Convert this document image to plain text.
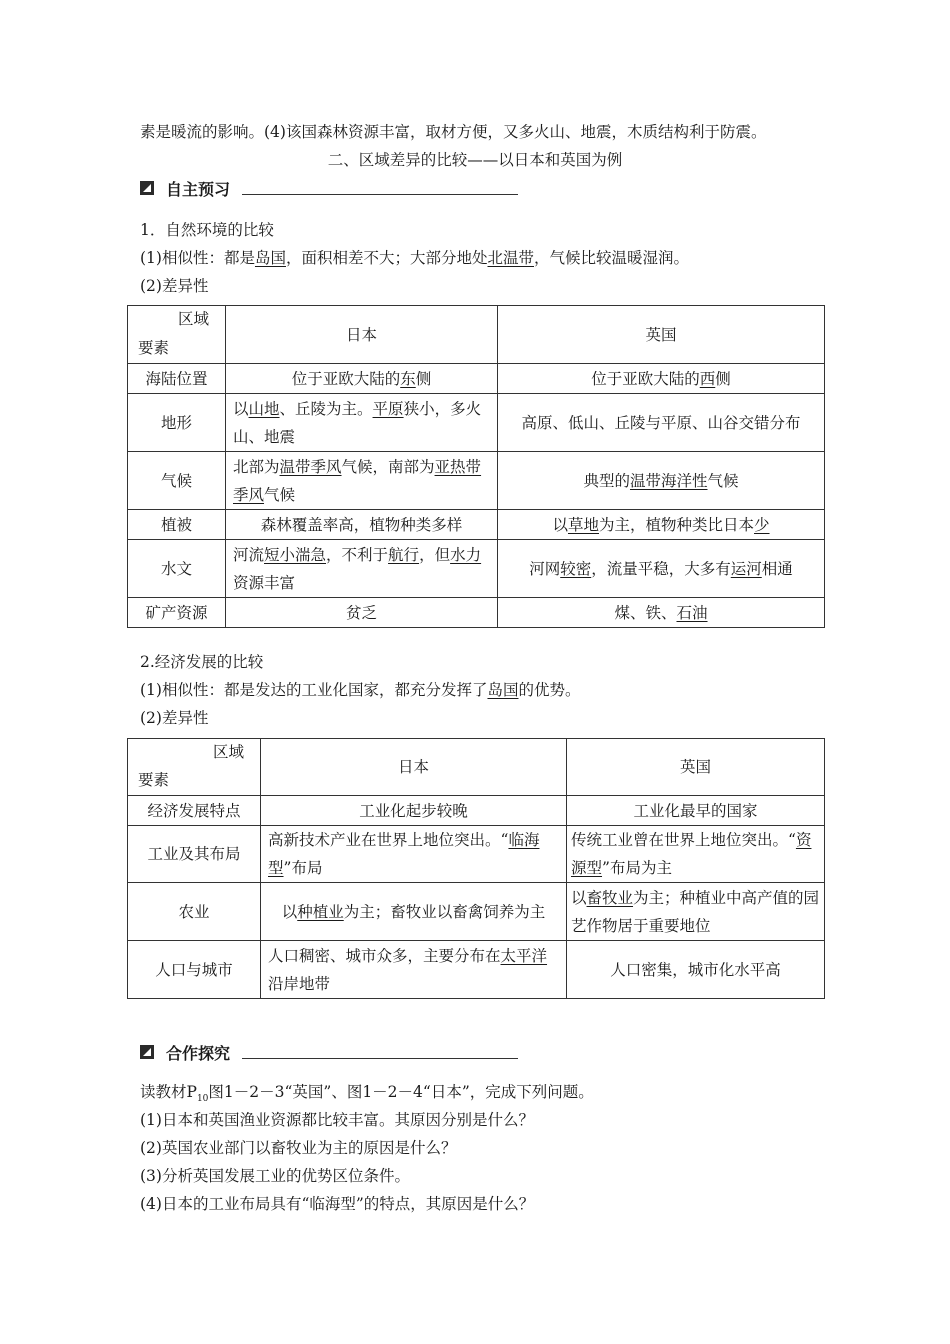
素是暖流的影响。(4)该国森林资源丰富，取材方便，又多火山、地震，木质结构利于防震。
二、区域差异的比较——以日本和英国为例
自主预习
1．自然环境的比较
(1)相似性：都是岛国，面积相差不大；大部分地处北温带，气候比较温暖湿润。
(2)差异性
区域
要素	日本	英国
海陆位置	位于亚欧大陆的东侧	位于亚欧大陆的西侧
地形	以山地、丘陵为主。平原狭小，多火山、地震	高原、低山、丘陵与平原、山谷交错分布
气候	北部为温带季风气候，南部为亚热带季风气候	典型的温带海洋性气候
植被	森林覆盖率高，植物种类多样	以草地为主，植物种类比日本少
水文	河流短小湍急，不利于航行，但水力资源丰富	河网较密，流量平稳，大多有运河相通
矿产资源	贫乏	煤、铁、石油
2.经济发展的比较
(1)相似性：都是发达的工业化国家，都充分发挥了岛国的优势。
(2)差异性
区域
要素	日本	英国
经济发展特点	工业化起步较晚	工业化最早的国家
工业及其布局	高新技术产业在世界上地位突出。“临海型”布局	传统工业曾在世界上地位突出。“资源型”布局为主
农业	以种植业为主；畜牧业以畜禽饲养为主	以畜牧业为主；种植业中高产值的园艺作物居于重要地位
人口与城市	人口稠密、城市众多，主要分布在太平洋沿岸地带	人口密集，城市化水平高
合作探究
读教材$P_{10}$图1－2－3“英国”、图1－2－4“日本”，完成下列问题。
(1)日本和英国渔业资源都比较丰富。其原因分别是什么？
(2)英国农业部门以畜牧业为主的原因是什么？
(3)分析英国发展工业的优势区位条件。
(4)日本的工业布局具有“临海型”的特点，其原因是什么？
